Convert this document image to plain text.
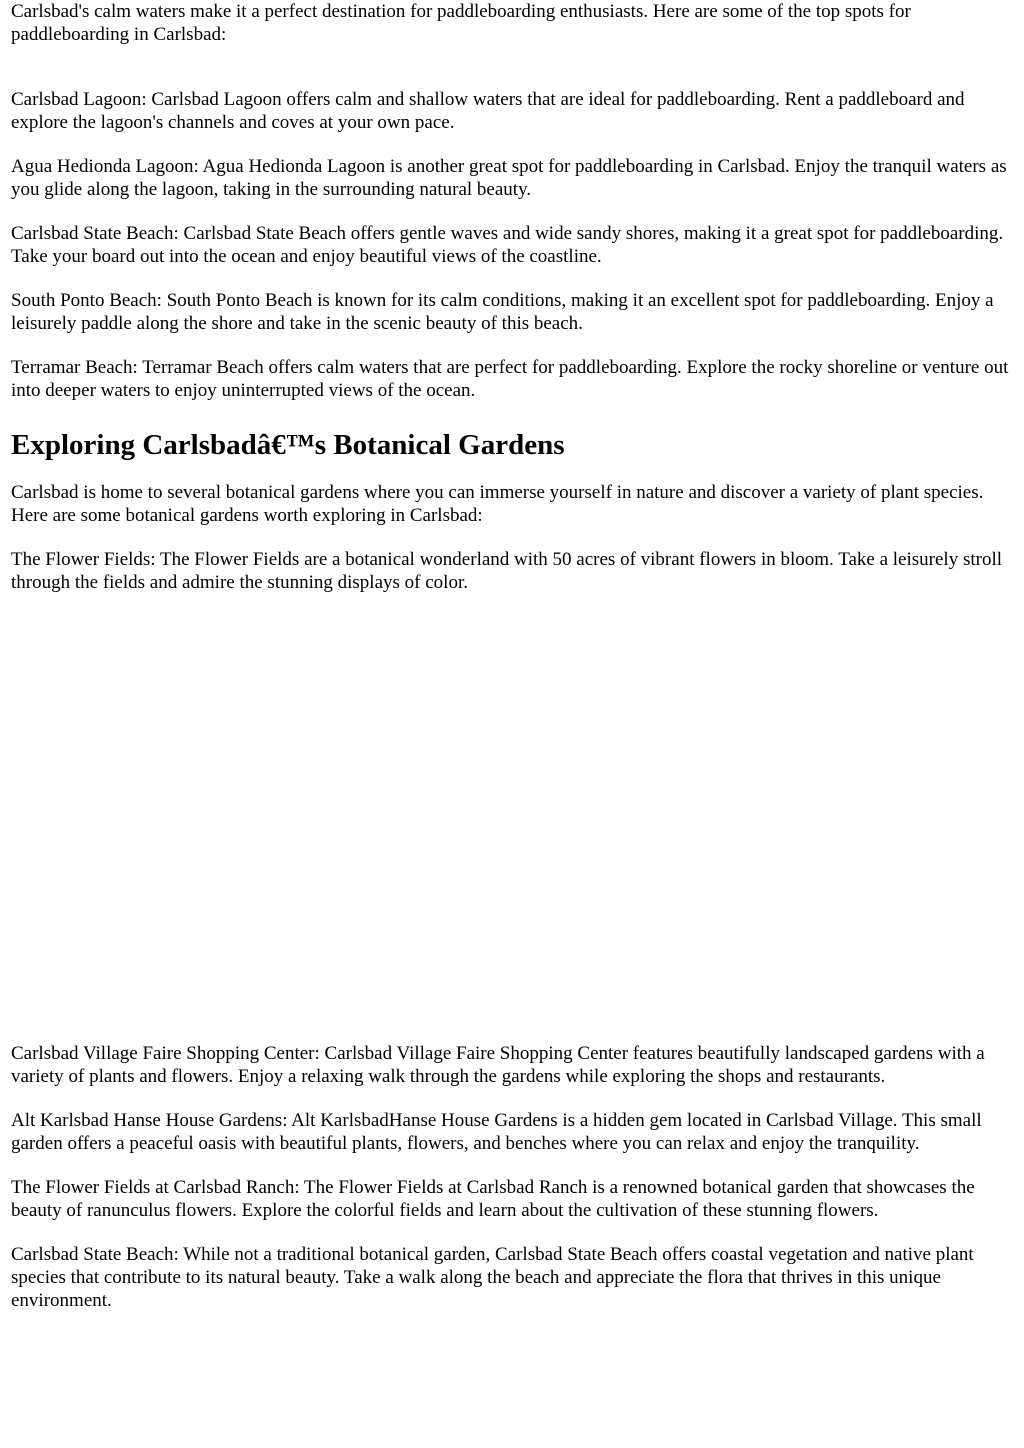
Carlsbad's calm waters make it a perfect destination for paddleboarding enthusiasts. Here are some of the top spots for paddleboarding in Carlsbad:

Carlsbad Lagoon: Carlsbad Lagoon offers calm and shallow waters that are ideal for paddleboarding. Rent a paddleboard and explore the lagoon's channels and coves at your own pace.

Agua Hedionda Lagoon: Agua Hedionda Lagoon is another great spot for paddleboarding in Carlsbad. Enjoy the tranquil waters as you glide along the lagoon, taking in the surrounding natural beauty.

Carlsbad State Beach: Carlsbad State Beach offers gentle waves and wide sandy shores, making it a great spot for paddleboarding. Take your board out into the ocean and enjoy beautiful views of the coastline.

South Ponto Beach: South Ponto Beach is known for its calm conditions, making it an excellent spot for paddleboarding. Enjoy a leisurely paddle along the shore and take in the scenic beauty of this beach.

Terramar Beach: Terramar Beach offers calm waters that are perfect for paddleboarding. Explore the rocky shoreline or venture out into deeper waters to enjoy uninterrupted views of the ocean.

Exploring Carlsbadâ€™s Botanical Gardens

Carlsbad is home to several botanical gardens where you can immerse yourself in nature and discover a variety of plant species. Here are some botanical gardens worth exploring in Carlsbad:

The Flower Fields: The Flower Fields are a botanical wonderland with 50 acres of vibrant flowers in bloom. Take a leisurely stroll through the fields and admire the stunning displays of color.

Carlsbad Village Faire Shopping Center: Carlsbad Village Faire Shopping Center features beautifully landscaped gardens with a variety of plants and flowers. Enjoy a relaxing walk through the gardens while exploring the shops and restaurants.

Alt Karlsbad Hanse House Gardens: Alt KarlsbadHanse House Gardens is a hidden gem located in Carlsbad Village. This small garden offers a peaceful oasis with beautiful plants, flowers, and benches where you can relax and enjoy the tranquility.

The Flower Fields at Carlsbad Ranch: The Flower Fields at Carlsbad Ranch is a renowned botanical garden that showcases the beauty of ranunculus flowers. Explore the colorful fields and learn about the cultivation of these stunning flowers.

Carlsbad State Beach: While not a traditional botanical garden, Carlsbad State Beach offers coastal vegetation and native plant species that contribute to its natural beauty. Take a walk along the beach and appreciate the flora that thrives in this unique environment.
